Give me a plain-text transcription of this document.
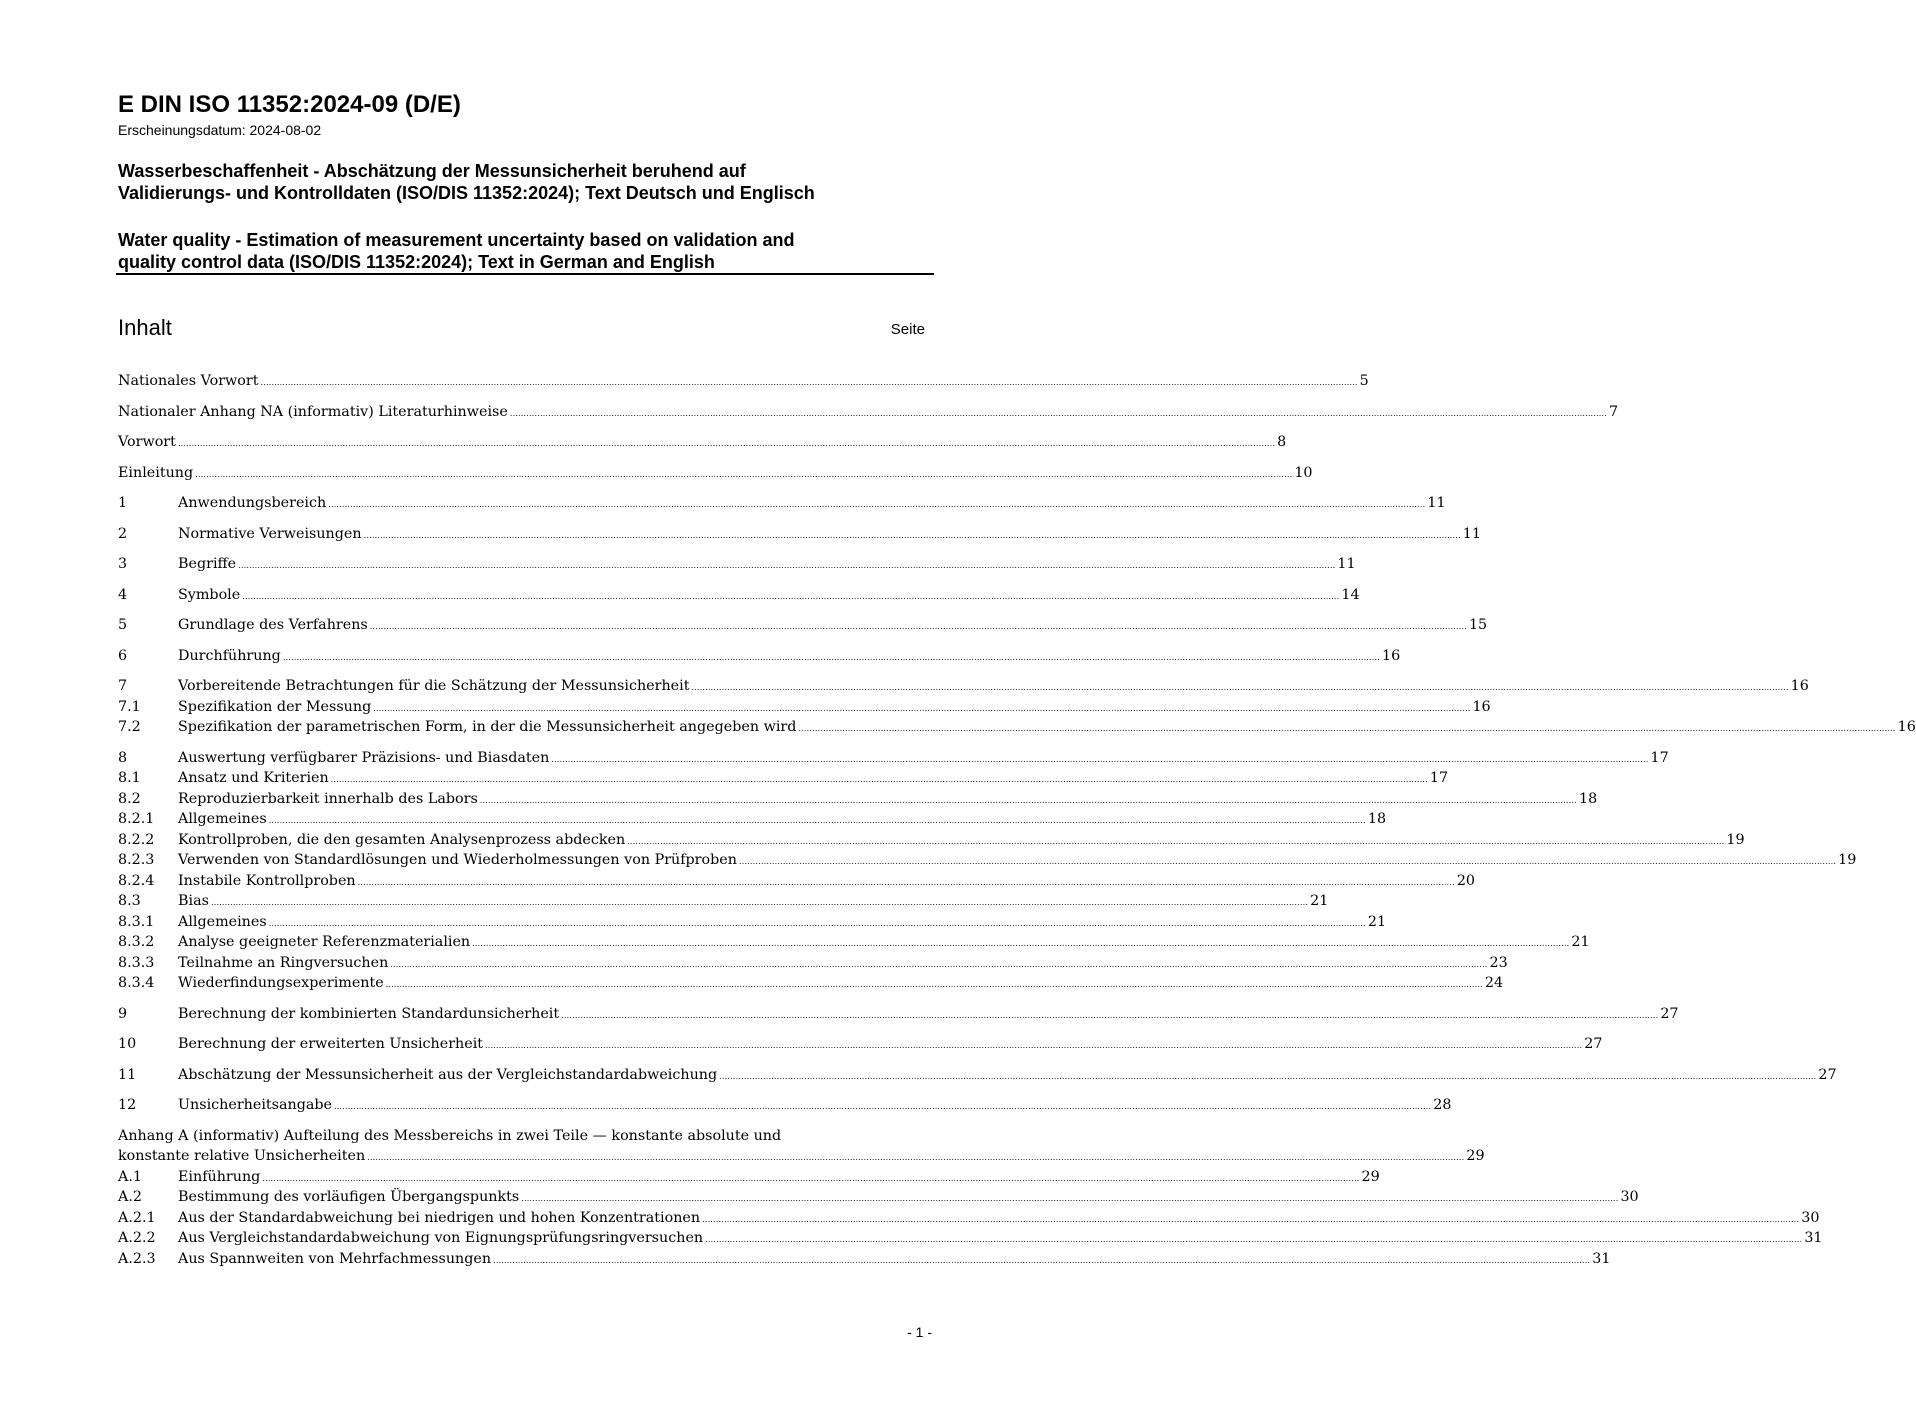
E DIN ISO 11352:2024-09 (D/E)
Erscheinungsdatum: 2024-08-02
Wasserbeschaffenheit - Abschätzung der Messunsicherheit beruhend auf
Validierungs- und Kontrolldaten (ISO/DIS 11352:2024); Text Deutsch und Englisch
Water quality - Estimation of measurement uncertainty based on validation and
quality control data (ISO/DIS 11352:2024); Text in German and English
Inhalt	Seite
Nationales Vorwort ................................................................................................................................................................................................................................................................................................................................................................................................................ 5
Nationaler Anhang NA (informativ) Literaturhinweise ................................................................................................................................................................................................................................................................................................................................................................................................................ 7
Vorwort ................................................................................................................................................................................................................................................................................................................................................................................................................ 8
Einleitung ................................................................................................................................................................................................................................................................................................................................................................................................................ 10
1	Anwendungsbereich ................................................................................................................................................................................................................................................................................................................................................................................................................ 11
2	Normative Verweisungen ................................................................................................................................................................................................................................................................................................................................................................................................................ 11
3	Begriffe ................................................................................................................................................................................................................................................................................................................................................................................................................ 11
4	Symbole ................................................................................................................................................................................................................................................................................................................................................................................................................ 14
5	Grundlage des Verfahrens ................................................................................................................................................................................................................................................................................................................................................................................................................ 15
6	Durchführung ................................................................................................................................................................................................................................................................................................................................................................................................................ 16
7	Vorbereitende Betrachtungen für die Schätzung der Messunsicherheit ................................................................................................................................................................................................................................................................................................................................................................................................................ 16
7.1	Spezifikation der Messung ................................................................................................................................................................................................................................................................................................................................................................................................................ 16
7.2	Spezifikation der parametrischen Form, in der die Messunsicherheit angegeben wird ................................................................................................................................................................................................................................................................................................................................................................................................................ 16
8	Auswertung verfügbarer Präzisions- und Biasdaten ................................................................................................................................................................................................................................................................................................................................................................................................................ 17
8.1	Ansatz und Kriterien ................................................................................................................................................................................................................................................................................................................................................................................................................ 17
8.2	Reproduzierbarkeit innerhalb des Labors ................................................................................................................................................................................................................................................................................................................................................................................................................ 18
8.2.1	Allgemeines ................................................................................................................................................................................................................................................................................................................................................................................................................ 18
8.2.2	Kontrollproben, die den gesamten Analysenprozess abdecken ................................................................................................................................................................................................................................................................................................................................................................................................................ 19
8.2.3	Verwenden von Standardlösungen und Wiederholmessungen von Prüfproben ................................................................................................................................................................................................................................................................................................................................................................................................................ 19
8.2.4	Instabile Kontrollproben ................................................................................................................................................................................................................................................................................................................................................................................................................ 20
8.3	Bias ................................................................................................................................................................................................................................................................................................................................................................................................................ 21
8.3.1	Allgemeines ................................................................................................................................................................................................................................................................................................................................................................................................................ 21
8.3.2	Analyse geeigneter Referenzmaterialien ................................................................................................................................................................................................................................................................................................................................................................................................................ 21
8.3.3	Teilnahme an Ringversuchen ................................................................................................................................................................................................................................................................................................................................................................................................................ 23
8.3.4	Wiederfindungsexperimente ................................................................................................................................................................................................................................................................................................................................................................................................................ 24
9	Berechnung der kombinierten Standardunsicherheit ................................................................................................................................................................................................................................................................................................................................................................................................................ 27
10	Berechnung der erweiterten Unsicherheit ................................................................................................................................................................................................................................................................................................................................................................................................................ 27
11	Abschätzung der Messunsicherheit aus der Vergleichstandardabweichung ................................................................................................................................................................................................................................................................................................................................................................................................................ 27
12	Unsicherheitsangabe ................................................................................................................................................................................................................................................................................................................................................................................................................ 28
Anhang A (informativ) Aufteilung des Messbereichs in zwei Teile — konstante absolute und
konstante relative Unsicherheiten ................................................................................................................................................................................................................................................................................................................................................................................................................ 29
A.1	Einführung ................................................................................................................................................................................................................................................................................................................................................................................................................ 29
A.2	Bestimmung des vorläufigen Übergangspunkts ................................................................................................................................................................................................................................................................................................................................................................................................................ 30
A.2.1	Aus der Standardabweichung bei niedrigen und hohen Konzentrationen ................................................................................................................................................................................................................................................................................................................................................................................................................ 30
A.2.2	Aus Vergleichstandardabweichung von Eignungsprüfungsringversuchen ................................................................................................................................................................................................................................................................................................................................................................................................................ 31
A.2.3	Aus Spannweiten von Mehrfachmessungen ................................................................................................................................................................................................................................................................................................................................................................................................................ 31
- 1 -
